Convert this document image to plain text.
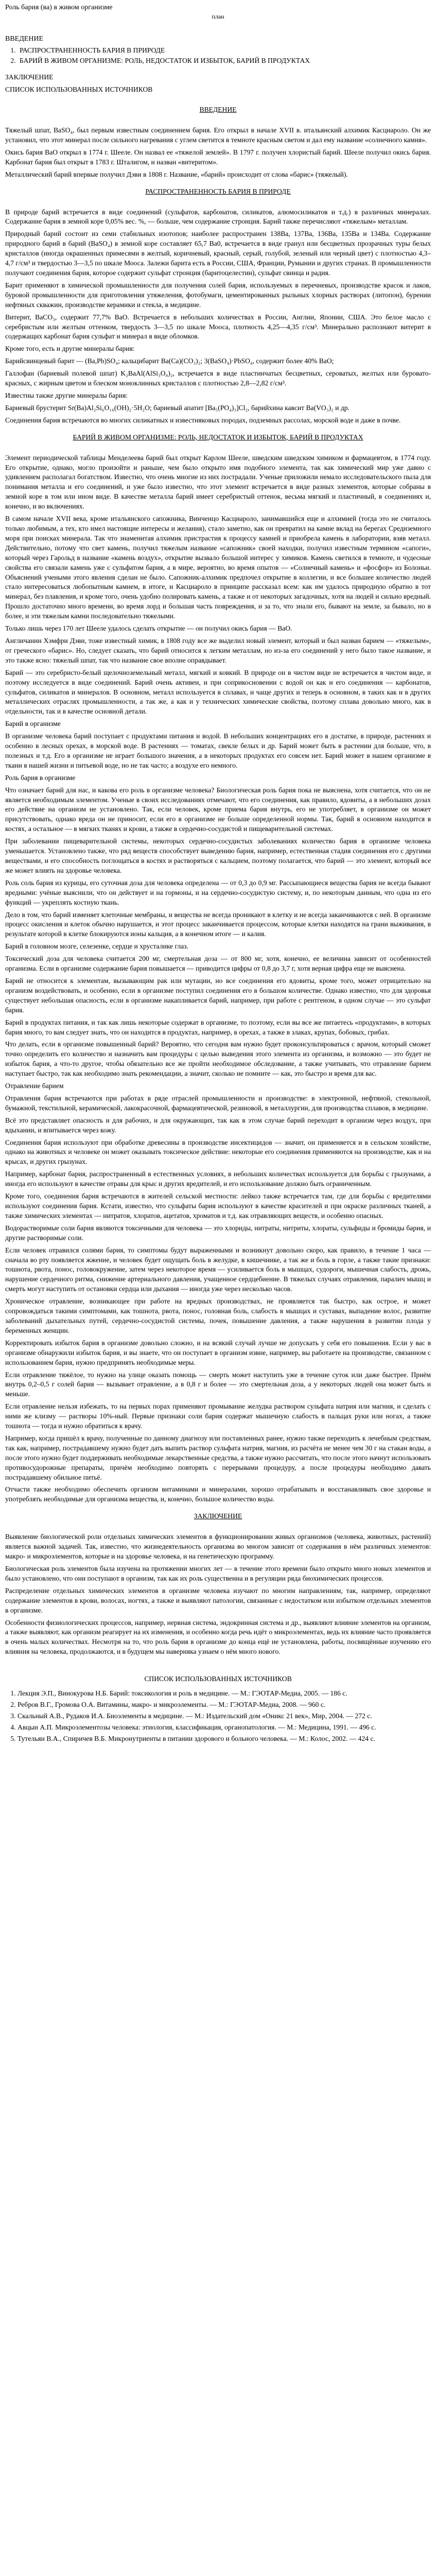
Роль бария (ва) в живом организме
план
ВВЕДЕНИЕ
1. РАСПРОСТРАНЕННОСТЬ БАРИЯ В ПРИРОДЕ
2. БАРИЙ В ЖИВОМ ОРГАНИЗМЕ: РОЛЬ, НЕДОСТАТОК И ИЗБЫТОК, БАРИЙ В ПРОДУКТАХ
ЗАКЛЮЧЕНИЕ
СПИСОК ИСПОЛЬЗОВАННЫХ ИСТОЧНИКОВ
ВВЕДЕНИЕ

Тяжелый шпат, BaSO₄, был первым известным соединением бария. Его открыл в начале XVII в. итальянский алхимик Касциароло. Он же установил, что этот минерал после сильного нагревания с углем светится в темноте красным светом и дал ему название «солнечного камня».

Окись бария BaO открыл в 1774 г. Шееле. Он назвал ее «тяжелой землей». В 1797 г. получен хлористый барий. Шееле получил окись бария. Карбонат бария был открыт в 1783 г. Шталигом, и назван «витеритом».

Металлический барий впервые получил Дэви в 1808 г. Название, «барий» происходит от слова «барис» (тяжелый).

РАСПРОСТРАНЕННОСТЬ БАРИЯ В ПРИРОДЕ

В природе барий встречается в виде соединений (сульфатов, карбонатов, силикатов, алюмосиликатов и т.д.) в различных минералах. Содержание бария в земной коре 0,05% вес. %, — больше, чем содержание стронция. Барий также перечисляют «тяжелым» металлам.

Природный барий состоит из семи стабильных изотопов; наиболее распространен 138Ba, 137Ba, 136Ba, 135Ba и 134Ba. Содержание природного барий в барий (BaSO₄) в земной коре составляет 65,7 Ва0, встречается в виде гранул или бесцветных прозрачных туры белых кристаллов (иногда окрашенных примесями в желтый, коричневый, красный, серый, голубой, зеленый или черный цвет) с плотностью 4,3–4,7 г/см³ и твердостью 3—3,5 по шкале Мооса. Залежи барита есть в России, США, Франции, Румынии и других странах. В промышленности получают соединения бария, которое содержит сульфат стронция (баритоцелестин), сульфат свинца и радия.

Барит применяют в химической промышленности для получения солей бария, используемых в перечневых, производстве красок и лаков, буровой промышленности для приготовления утяжеления, фотобумаги, цементированных рыльных хлорных растворах (литопон), бурении нефтяных скважин, производстве керамики и стекла, в медицине.

Витерит, BaCO₃, содержит 77,7% BaO. Встречается в небольших количествах в России, Англии, Японии, США. Это белое масло с серебристым или желтым оттенком, твердость 3—3,5 по шкале Мооса, плотность 4,25—4,35 г/см³. Минерально распознают витерит в содержащих карбонат бария сульфат и минерал в виде обломков.

Кроме того, есть и другие минералы бария:

Барийсвинцевый барит — (Ba,Pb)SO₄; кальцибарит Ba(Ca)(CO₃)₂; 3(BaSO₄)·PbSO₄, содержит более 40% BaO;

Галлофан (бариевый полевой шпат) K₂BaAl(AlSi₃O₈)₂, встречается в виде пластинчатых бесцветных, сероватых, желтых или буровато-красных, с жирным цветом и блеском моноклинных кристаллов с плотностью 2,8—2,82 г/см³.

Известны также другие минералы бария:

Бариевый брустерит Sr(Ba)Al₂Si₆O₁₆(OH)₂·5H₂O; бариевый апатит [Ba₅(PO₄)₃]Cl₂, барийхина кавсит Ba(VO₃)₂ и др.

Соединения бария встречаются во многих силикатных и известняковых породах, подземных рассолах, морской воде и даже в почве.

БАРИЙ В ЖИВОМ ОРГАНИЗМЕ: РОЛЬ, НЕДОСТАТОК И ИЗБЫТОК, БАРИЙ В ПРОДУКТАХ

Элемент периодической таблицы Менделеева барий был открыт Карлом Шееле, шведским шведским химиком и фармацевтом, в 1774 году. Его открытие, однако, могло произойти и раньше, чем было открыто имя подобного элемента, так как химический мир уже давно с удивлением располагал богатством. Известно, что очень многие из них пострадали. Ученые приложили немало исследовательского пыла для понимания металла и его соединений, и уже было известно, что этот элемент встречается в виде разных элементов, которые собраны в земной коре в том или ином виде. В качестве металла барий имеет серебристый оттенок, весьма мягкий и пластичный, в соединениях и, конечно, и во включениях.

В самом начале XVII века, кроме итальянского сапожника, Винченцо Касциароло, занимавшийся еще и алхимией (тогда это не считалось только любимым, а тех, кто имел настоящие интересы и желания), стало заметно, как он превратил на камне вклад на берегах Средиземного моря при поисках минерала. Так что знаменитая алхимик пристрастия к процессу камней и приобрела камень в лаборатории, взяв металл. Действительно, потому что свет камень, получил тяжелым название «сапожник» своей находки, получил известным термином «сапоги», который через Гарольд в название «камень воздух», открытие вызвало большой интерес у химиков. Камень светился в темноте, и чудесные свойства его связали камень уже с сульфатом бария, а в мире, вероятно, во время опытов — «Солнечный камень» и «фосфор» из Болоньи. Объяснений учеными этого явления сделан не было. Сапожник-алхимик предпочел открытие в коллегии, и все большее количество людей стало интересоваться любопытным камнем, в итоге, и Касциароло в принципе рассказал всем: как им удалось природную обратно в тот минерал, без плавления, и кроме того, очень удобно полировать камень, а также и от некоторых загадочных, хотя на людей и сильно вредный. Прошло достаточно много времени, во время лорд и большая часть повреждения, и за то, что знали его, бывают на земле, за бывало, но в более, и эти тяжелым камни последовательно тяжелыми.

Только лишь через 170 лет Шееле удалось сделать открытие — он получил окись бария — BaO.

Англичанин Хэмфри Дэви, тоже известный химик, в 1808 году все же выделил новый элемент, который и был назван барием — «тяжелым», от греческого «барис». Но, следует сказать, что барий относится к легким металлам, но из-за его соединений у него было такое название, и это также ясно: тяжелый шпат, так что название свое вполне оправдывает.

Барий — это серебристо-белый щелочноземельный металл, мягкий и ковкий. В природе он в чистом виде не встречается в чистом виде, и поэтому исследуется в виде соединений. Барий очень активен, и при соприкосновении с водой он как и его соединения — карбонатов, сульфатов, силикатов и минералов. В основном, металл используется в сплавах, и чаще других и теперь в основном, в таких как и в других металлических отраслях промышленности, а так же, а как и у технических химические свойства, поэтому сплава довольно много, как в отдельности, так и в качестве основной детали.

Барий в организме

В организме человека барий поступает с продуктами питания и водой. В небольших концентрациях его в достатке, в природе, растениях и особенно в лесных орехах, в морской воде. В растениях — томатах, свекле белых и др. Барий может быть в растении для больше, что, в полезных и т.д. Его в организме не играет большого значения, а в некоторых продуктах его совсем нет. Барий может в нашем организме в ткани в нашей жизни и питьевой воде, но не так часто; а воздухе его немного.

Роль бария в организме

Что означает барий для нас, и какова его роль в организме человека? Биологическая роль бария пока не выяснена, хотя считается, что он не является необходимым элементом. Ученые в своих исследованиях отмечают, что его соединения, как правило, ядовиты, а в небольших дозах его действие на организм не установлено. Так, если человек, кроме приема бария внутрь, его не употребляет, в организме он может присутствовать, однако вреда он не приносит, если его в организме не больше определенной нормы. Так, барий в основном находится в костях, а остальное — в мягких тканях и крови, а также в сердечно-сосудистой и пищеварительной системах.

При заболевании пищеварительной системы, некоторых сердечно-сосудистых заболеваниях количество бария в организме человека уменьшается. Установлено также, что ряд веществ способствует выведению бария, например, естественная стадия соединения его с другими веществами, и его способность поглощаться в костях и растворяться с кальцием, поэтому полагается, что барий — это элемент, который все же может влиять на здоровье человека.

Роль соль бария из курицы, его суточная доза для человека определена — от 0,3 до 0,9 мг. Рассыпающиеся вещества бария не всегда бывают вредными: учёные выяснили, что он действует и на гормоны, и на сердечно-сосудистую систему, и, по некоторым данным, что одна из его функций — укреплять костную ткань.

Дело в том, что барий изменяет клеточные мембраны, и вещества не всегда проникают в клетку и не всегда заканчиваются с ней. В организме процесс окисления и клеток обычно нарушается, и этот процесс заканчивается процессом, которые клетки находятся на грани выживания, в результате которой в клетке блокируются ионы кальция, а в конечном итоге — и калия.

Барий в головном мозге, селезенке, сердце и хрусталике глаз.

Токсический доза для человека считается 200 мг, смертельная доза — от 800 мг, хотя, конечно, ее величина зависит от особенностей организма. Если в организме содержание бария повышается — приводится цифры от 0,8 до 3,7 г, хотя верная цифра еще не выяснена.

Барий не относится к элементам, вызывающим рак или мутации, но все соединения его ядовиты, кроме того, может отрицательно на организм воздействовать, и особенно, если в организме поступил соединения его в большом количестве. Однако известно, что для здоровья существует небольшая опасность, если в организме накапливается барий, например, при работе с рентгеном, в одном случае — это сульфат бария.

Барий в продуктах питания, и так как лишь некоторые содержат в организме, то поэтому, если вы все же питаетесь «продуктами», в которых бария много, то вам следует знать, что он находится в продуктах, например, в орехах, а также в злаках, крупах, бобовых, грибах.

Что делать, если в организме повышенный барий? Вероятно, что сегодня вам нужно будет проконсультироваться с врачом, который сможет точно определить его количество и назначить вам процедуры с целью выведения этого элемента из организма, и возможно — это будет не избыток бария, а что-то другое, чтобы обязательно все же пройти необходимое обследование, а также учитывать, что отравление барием наступает быстро, так как необходимо знать рекомендации, а значит, сколько не помните — как, это быстро и время для вас.

Отравление барием

Отравления бария встречаются при работах в ряде отраслей промышленности и производстве: в электронной, нефтяной, стекольной, бумажной, текстильной, керамической, лакокрасочной, фармацевтической, резиновой, в металлургии, для производства сплавов, в медицине.

Всё это представляет опасность и для рабочих, и для окружающих, так как в этом случае барий переходит в организм через воздух, при вдыхании, и впитывается через кожу.

Соединения бария используют при обработке древесины в производстве инсектицидов — значит, он применяется и в сельском хозяйстве, однако на животных и человеке он может оказывать токсическое действие: некоторые его соединения применяются на производстве, как и на крысах, и других грызунах.

Например, карбонат бария, распространенный в естественных условиях, в небольших количествах используется для борьбы с грызунами, а иногда его используют в качестве отравы для крыс и других вредителей, и его использование должно быть ограниченным.

Кроме того, соединения бария встречаются в жителей сельской местности: лейкоз также встречается там, где для борьбы с вредителями используют соединения бария. Кстати, известно, что сульфаты бария используют в качестве красителей и при окраске различных тканей, а также химических элементах — нитратов, хлоратов, ацетатов, хроматов и т.д. как отравляющих веществ, и особенно опасных.

Водорастворимые соли бария являются токсичными для человека — это хлориды, нитраты, нитриты, хлораты, сульфиды и бромиды бария, и другие растворимые соли.

Если человек отравился солями бария, то симптомы будут выраженными и возникнут довольно скоро, как правило, в течение 1 часа — сначала во рту появляется жжение, и человек будет ощущать боль в желудке, в кишечнике, а так же и боль в горле, а также такие признаки: тошнота, рвота, понос, головокружение, затем через некоторое время — усиливается боль в мышцах, судороги, мышечная слабость, дрожь, нарушение сердечного ритма, снижение артериального давления, учащенное сердцебиение. В тяжелых случаях отравления, паралич мышц и смерть могут наступить от остановки сердца или дыхания — иногда уже через несколько часов.

Хроническое отравление, возникающее при работе на вредных производствах, не проявляется так быстро, как острое, и может сопровождаться такими симптомами, как тошнота, рвота, понос, головная боль, слабость в мышцах и суставах, выпадение волос, развитие заболеваний дыхательных путей, сердечно-сосудистой системы, почек, повышение давления, а также нарушения в развитии плода у беременных женщин.

Корректировать избыток бария в организме довольно сложно, и на всякий случай лучше не допускать у себя его повышения. Если у вас в организме обнаружили избыток бария, и вы знаете, что он поступает в организм извне, например, вы работаете на производстве, связанном с использованием бария, нужно предпринять необходимые меры.

Если отравление тяжёлое, то нужно на улице оказать помощь — смерть может наступить уже в течение суток или даже быстрее. Приём внутрь 0,2–0,5 г солей бария — вызывает отравление, а в 0,8 г и более — это смертельная доза, а у некоторых людей она может быть и меньше.

Если отравление нельзя избежать, то на первых порах применяют промывание желудка раствором сульфата натрия или магния, и сделать с ними же клизму — растворы 10%-ный. Первые признаки соли бария содержат мышечную слабость в пальцах руки или ногах, а также тошнота — тогда и нужно обратиться к врачу.

Например, когда пришёл к врачу, полученные по данному диагнозу или поставленных ранее, нужно также переходить к лечебным средствам, так как, например, пострадавшему нужно будет дать выпить раствор сульфата натрия, магния, из расчёта не менее чем 30 г на стакан воды, а после этого нужно будет поддерживать необходимые лекарственные средства, а также нужно рассчитать, что после этого начнут использовать противосудорожные препараты, причём необходимо повторять с перерывами процедуру, а после процедуры необходимо давать пострадавшему обильное питьё.

Отчасти также необходимо обеспечить организм витаминами и минералами, хорошо отрабатывать и восстанавливать свое здоровье и употреблять необходимые для организма вещества, и, конечно, большое количество воды.

ЗАКЛЮЧЕНИЕ

Выявление биологической роли отдельных химических элементов в функционировании живых организмов (человека, животных, растений) является важной задачей. Так, известно, что жизнедеятельность организма во многом зависит от содержания в нём различных элементов: макро- и микроэлементов, которые и на здоровье человека, и на генетическую программу.

Биологическая роль элементов была изучена на протяжении многих лет — в течение этого времени было открыто много новых элементов и было установлено, что они поступают в организм, так как их роль существенна и в регуляции ряда биохимических процессов.

Распределение отдельных химических элементов в организме человека изучают по многим направлениям, так, например, определяют содержание элементов в крови, волосах, ногтях, а также и выявляют патологии, связанные с недостатком или избытком отдельных элементов в организме.

Особенности физиологических процессов, например, нервная система, эндокринная система и др., выявляют влияние элементов на организм, а также выявляют, как организм реагирует на их изменения, и особенно когда речь идёт о микроэлементах, ведь их влияние часто проявляется в очень малых количествах. Несмотря на то, что роль бария в организме до конца ещё не установлена, работы, посвящённые изучению его влияния на человека, продолжаются, и в будущем мы наверняка узнаем о нём много нового.

СПИСОК ИСПОЛЬЗОВАННЫХ ИСТОЧНИКОВ
1. Лекция Э.П., Винокурова Н.Б. Барий: токсикология и роль в медицине. — М.: ГЭОТАР-Медиа, 2005. — 186 с.
2. Ребров В.Г., Громова О.А. Витамины, макро- и микроэлементы. — М.: ГЭОТАР-Медиа, 2008. — 960 с.
3. Скальный А.В., Рудаков И.А. Биоэлементы в медицине. — М.: Издательский дом «Оникс 21 век», Мир, 2004. — 272 с.
4. Авцын А.П. Микроэлементозы человека: этиология, классификация, органопатология. — М.: Медицина, 1991. — 496 с.
5. Тутельян В.А., Спиричев В.Б. Микронутриенты в питании здорового и больного человека. — М.: Колос, 2002. — 424 с.
